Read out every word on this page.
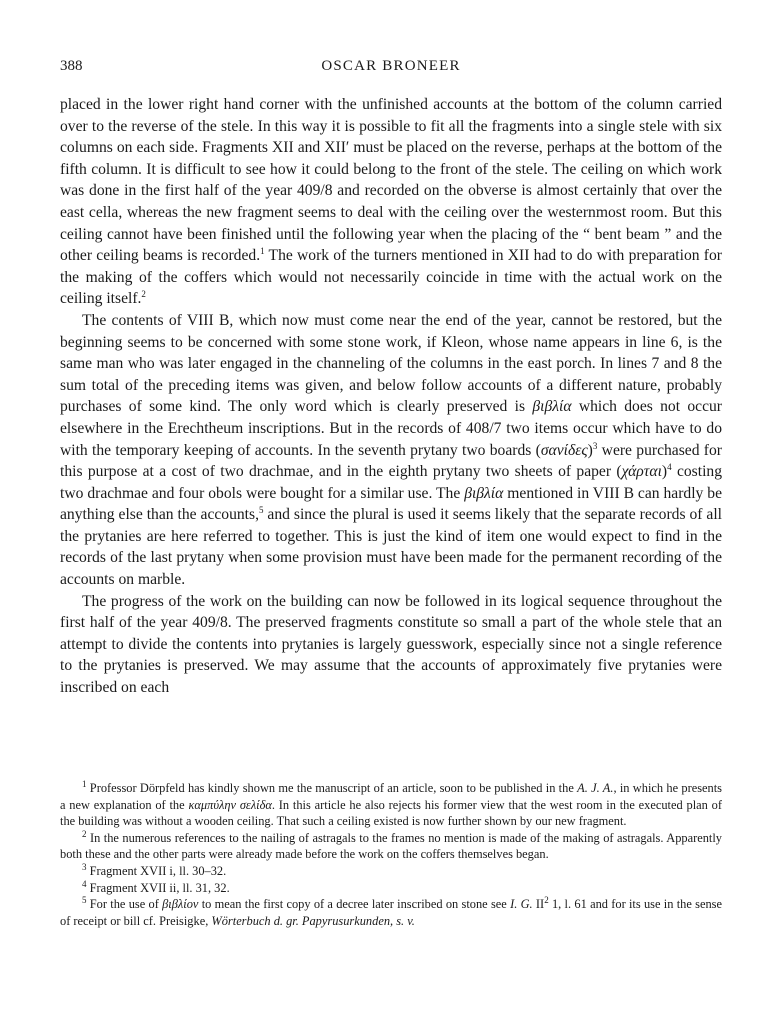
388	OSCAR BRONEER

placed in the lower right hand corner with the unfinished accounts at the bottom of the column carried over to the reverse of the stele. In this way it is possible to fit all the fragments into a single stele with six columns on each side. Fragments XII and XII′ must be placed on the reverse, perhaps at the bottom of the fifth column. It is difficult to see how it could belong to the front of the stele. The ceiling on which work was done in the first half of the year 409/8 and recorded on the obverse is almost certainly that over the east cella, whereas the new fragment seems to deal with the ceiling over the westernmost room. But this ceiling cannot have been finished until the following year when the placing of the “ bent beam ” and the other ceiling beams is recorded.$^1$ The work of the turners mentioned in XII had to do with preparation for the making of the coffers which would not necessarily coincide in time with the actual work on the ceiling itself.$^2$

The contents of VIII B, which now must come near the end of the year, cannot be restored, but the beginning seems to be concerned with some stone work, if Kleon, whose name appears in line 6, is the same man who was later engaged in the channeling of the columns in the east porch. In lines 7 and 8 the sum total of the preceding items was given, and below follow accounts of a different nature, probably purchases of some kind. The only word which is clearly preserved is βιβλία which does not occur elsewhere in the Erechtheum inscriptions. But in the records of 408/7 two items occur which have to do with the temporary keeping of accounts. In the seventh prytany two boards $(\sigma\alpha\nu ί\delta\varepsilon\varsigma)^3$ were purchased for this purpose at a cost of two drachmae, and in the eighth prytany two sheets of paper $(\chi ά\rho\tau\alpha\iota)^4$ costing two drachmae and four obols were bought for a similar use. The βιβλία mentioned in VIII B can hardly be anything else than the accounts,$^5$ and since the plural is used it seems likely that the separate records of all the prytanies are here referred to together. This is just the kind of item one would expect to find in the records of the last prytany when some provision must have been made for the permanent recording of the accounts on marble.

The progress of the work on the building can now be followed in its logical sequence throughout the first half of the year 409/8. The preserved fragments constitute so small a part of the whole stele that an attempt to divide the contents into prytanies is largely guesswork, especially since not a single reference to the prytanies is preserved. We may assume that the accounts of approximately five prytanies were inscribed on each

$^1$ Professor Dörpfeld has kindly shown me the manuscript of an article, soon to be published in the A. J. A., in which he presents a new explanation of the καμπύλην σελίδα. In this article he also rejects his former view that the west room in the executed plan of the building was without a wooden ceiling. That such a ceiling existed is now further shown by our new fragment.

$^2$ In the numerous references to the nailing of astragals to the frames no mention is made of the making of astragals. Apparently both these and the other parts were already made before the work on the coffers themselves began.

$^3$ Fragment XVII i, ll. 30–32.

$^4$ Fragment XVII ii, ll. 31, 32.

$^5$ For the use of βιβλίον to mean the first copy of a decree later inscribed on stone see I. G. $II^2$ 1, l. 61 and for its use in the sense of receipt or bill cf. Preisigke, Wörterbuch d. gr. Papyrusurkunden, s. v.
